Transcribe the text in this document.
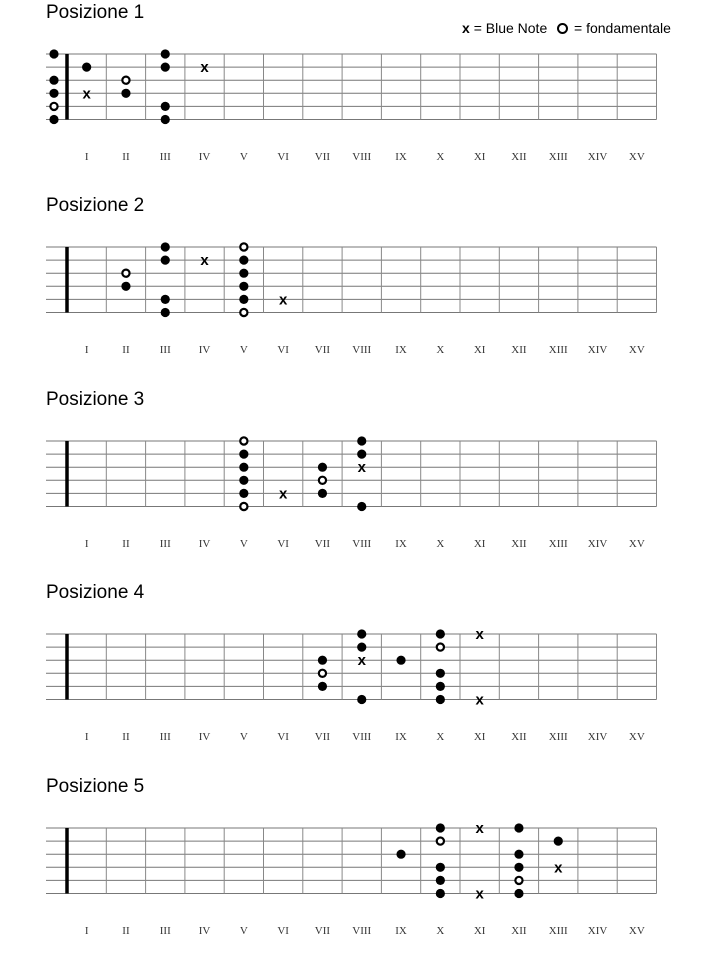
x = Blue Note = fondamentale
Posizione 1
I	II	III	IV	V	VI VII VIII IX	X	XI XII XIII XIV XV
x
x
Posizione 2
I	II	III	IV	V	VI VII VIII IX	X	XI XII XIII XIV XV
x
x
Posizione 3
I	II	III	IV	V	VI VII VIII IX	X	XI XII XIII XIV XV
x
x
Posizione 4
I	II	III	IV	V	VI VII VIII IX	X	XI XII XIII XIV XV
x
x
x
Posizione 5
I	II	III	IV	V	VI VII VIII IX	X	XI XII XIII XIV XV
x
x
x
